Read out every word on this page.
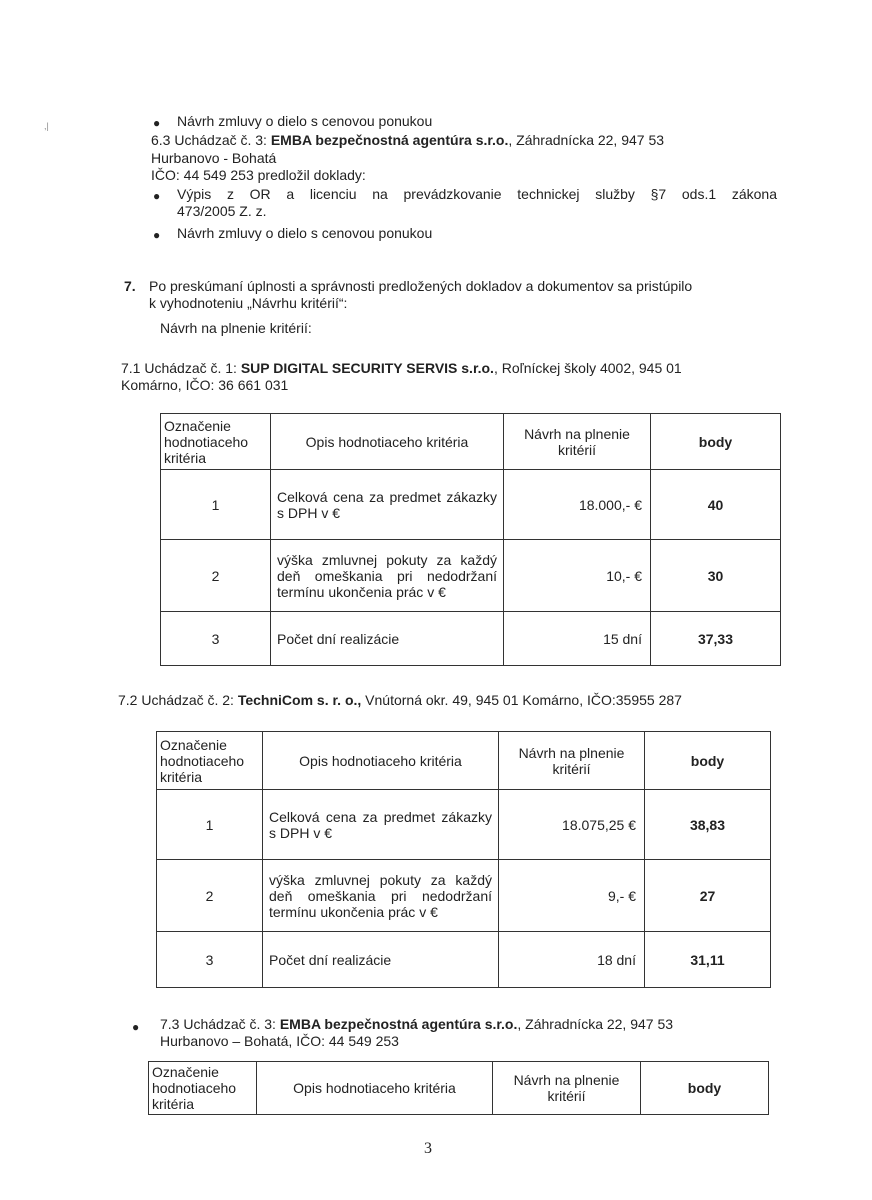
,|	● Návrh zmluvy o dielo s cenovou ponukou
6.3 Uchádzač č. 3: EMBA bezpečnostná agentúra s.r.o., Záhradnícka 22, 947 53
Hurbanovo - Bohatá
IČO: 44 549 253 predložil doklady:
● Výpis z OR a licenciu na prevádzkovanie technickej služby §7 ods.1 zákona
473/2005 Z. z.
● Návrh zmluvy o dielo s cenovou ponukou
7. Po preskúmaní úplnosti a správnosti predložených dokladov a dokumentov sa pristúpilo
k vyhodnoteniu „Návrhu kritérií“:
Návrh na plnenie kritérií:
7.1 Uchádzač č. 1: SUP DIGITAL SECURITY SERVIS s.r.o., Roľníckej školy 4002, 945 01
Komárno, IČO: 36 661 031
Označenie hodnotiaceho kritéria	Opis hodnotiaceho kritéria	Návrh na plnenie kritérií	body
1	Celková cena za predmet zákazky s DPH v €	18.000,- €	40
2	výška zmluvnej pokuty za každý deň omeškania pri nedodržaní termínu ukončenia prác v €	10,- €	30
3	Počet dní realizácie	15 dní	37,33
7.2 Uchádzač č. 2: TechniCom s. r. o., Vnútorná okr. 49, 945 01 Komárno, IČO:35955 287
Označenie hodnotiaceho kritéria	Opis hodnotiaceho kritéria	Návrh na plnenie kritérií	body
1	Celková cena za predmet zákazky s DPH v €	18.075,25 €	38,83
2	výška zmluvnej pokuty za každý deň omeškania pri nedodržaní termínu ukončenia prác v €	9,- €	27
3	Počet dní realizácie	18 dní	31,11
● 7.3 Uchádzač č. 3: EMBA bezpečnostná agentúra s.r.o., Záhradnícka 22, 947 53
Hurbanovo – Bohatá, IČO: 44 549 253
Označenie hodnotiaceho kritéria	Opis hodnotiaceho kritéria	Návrh na plnenie kritérií	body
3
